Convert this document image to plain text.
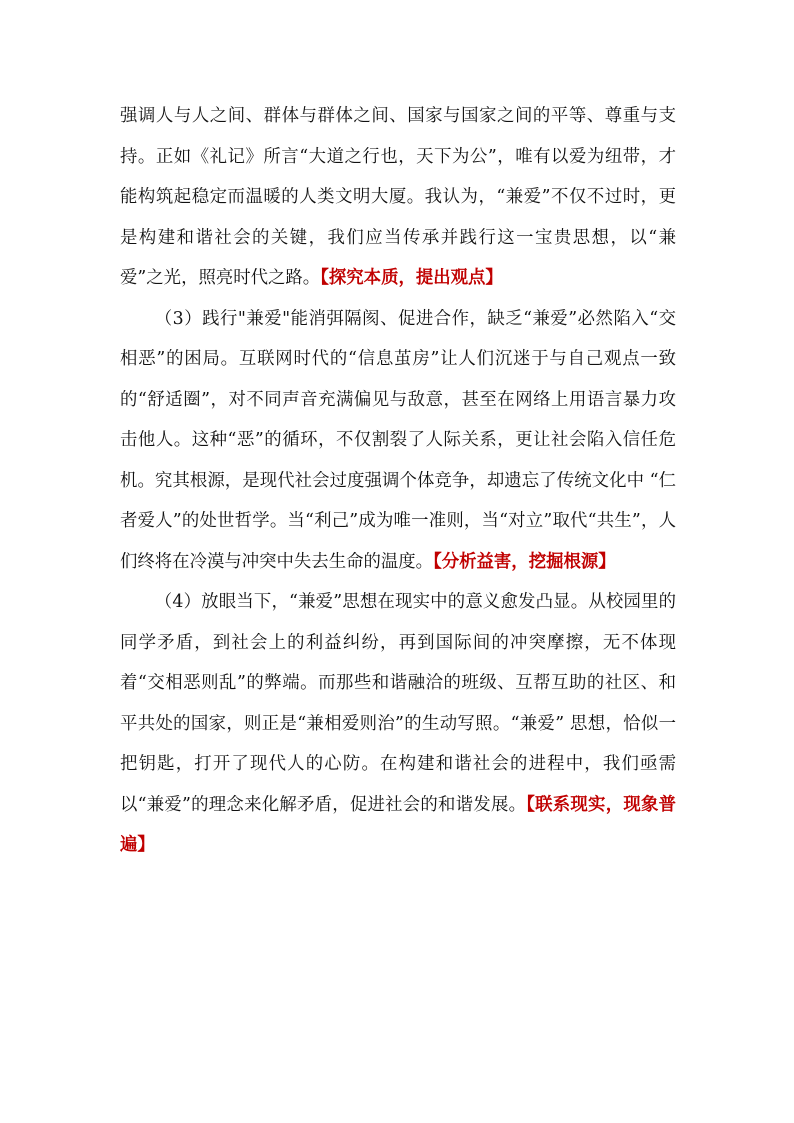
强调人与人之间、群体与群体之间、国家与国家之间的平等、尊重与支持。正如《礼记》所言“大道之行也，天下为公”，唯有以爱为纽带，才能构筑起稳定而温暖的人类文明大厦。我认为，“兼爱”不仅不过时，更是构建和谐社会的关键，我们应当传承并践行这一宝贵思想，以“兼爱”之光，照亮时代之路。【探究本质，提出观点】

（3）践行"兼爱"能消弭隔阂、促进合作，缺乏“兼爱”必然陷入“交相恶”的困局。互联网时代的“信息茧房”让人们沉迷于与自己观点一致的“舒适圈”，对不同声音充满偏见与敌意，甚至在网络上用语言暴力攻击他人。这种“恶”的循环，不仅割裂了人际关系，更让社会陷入信任危机。究其根源，是现代社会过度强调个体竞争，却遗忘了传统文化中 “仁者爱人”的处世哲学。当“利己”成为唯一准则，当“对立”取代“共生”，人们终将在冷漠与冲突中失去生命的温度。【分析益害，挖掘根源】

（4）放眼当下，“兼爱”思想在现实中的意义愈发凸显。从校园里的同学矛盾，到社会上的利益纠纷，再到国际间的冲突摩擦，无不体现着“交相恶则乱”的弊端。而那些和谐融洽的班级、互帮互助的社区、和平共处的国家，则正是“兼相爱则治”的生动写照。“兼爱” 思想，恰似一把钥匙，打开了现代人的心防。在构建和谐社会的进程中，我们亟需以“兼爱”的理念来化解矛盾，促进社会的和谐发展。【联系现实，现象普遍】
